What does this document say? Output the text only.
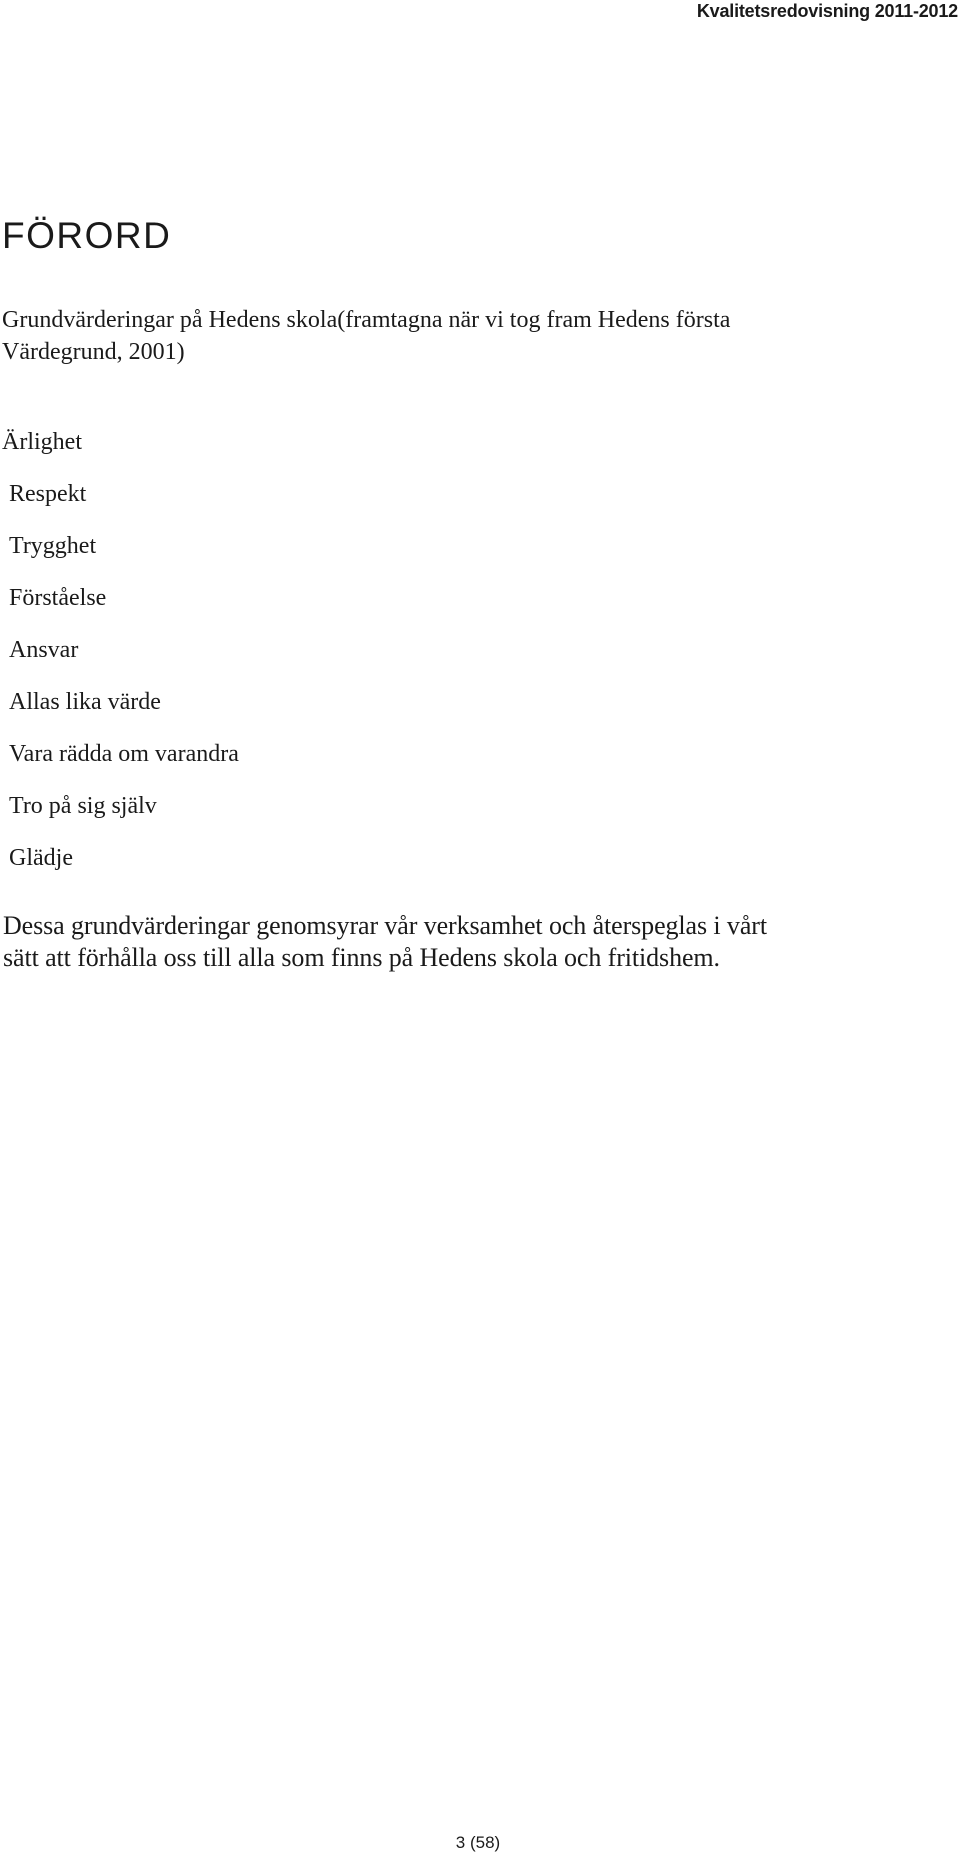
Kvalitetsredovisning 2011-2012
FÖRORD
Grundvärderingar på Hedens skola(framtagna när vi tog fram Hedens första
Värdegrund, 2001)
Ärlighet
Respekt
Trygghet
Förståelse
Ansvar
Allas lika värde
Vara rädda om varandra
Tro på sig själv
Glädje
Dessa grundvärderingar genomsyrar vår verksamhet och återspeglas i vårt
sätt att förhålla oss till alla som finns på Hedens skola och fritidshem.
3 (58)
